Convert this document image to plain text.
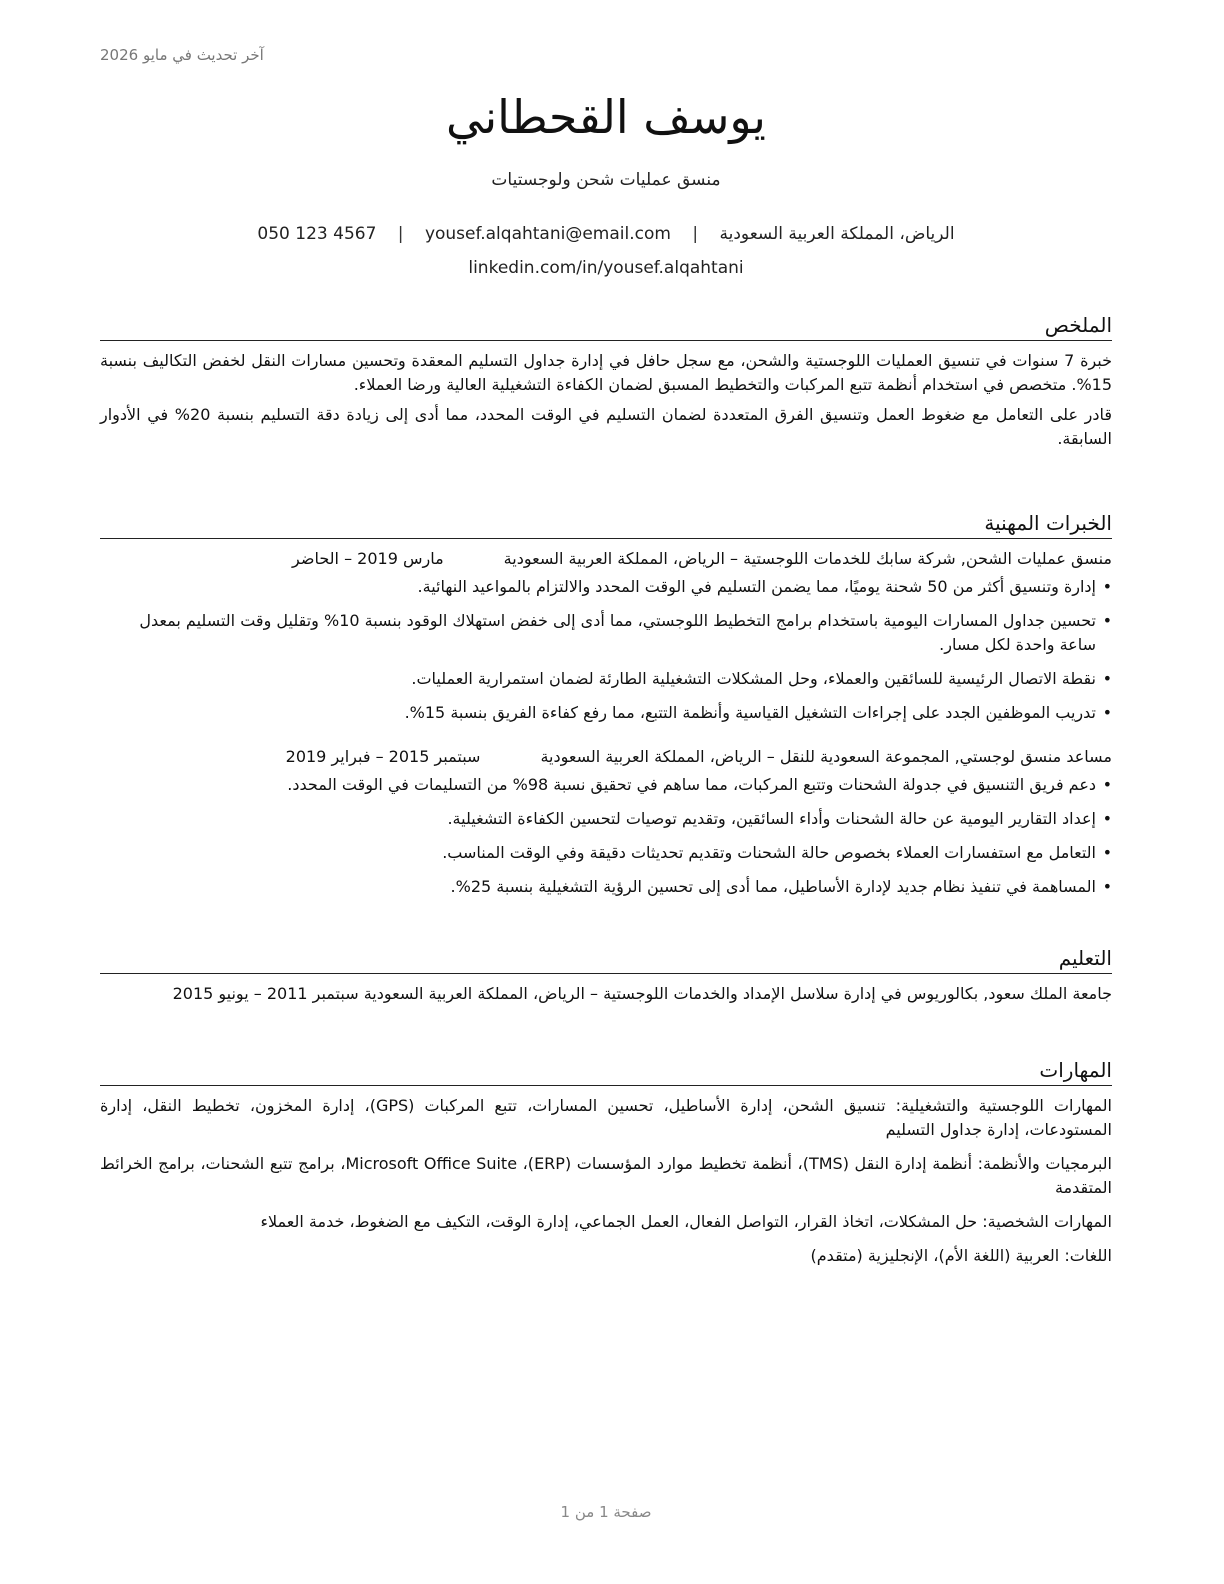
آخر تحديث في مايو 2026
يوسف القحطاني
منسق عمليات شحن ولوجستيات
الرياض، المملكة العربية السعودية | yousef.alqahtani@email.com | 050 123 4567
linkedin.com/in/yousef.alqahtani
الملخص

خبرة 7 سنوات في تنسيق العمليات اللوجستية والشحن، مع سجل حافل في إدارة جداول التسليم المعقدة وتحسين مسارات النقل لخفض التكاليف بنسبة 15%. متخصص في استخدام أنظمة تتبع المركبات والتخطيط المسبق لضمان الكفاءة التشغيلية العالية ورضا العملاء.

قادر على التعامل مع ضغوط العمل وتنسيق الفرق المتعددة لضمان التسليم في الوقت المحدد، مما أدى إلى زيادة دقة التسليم بنسبة 20% في الأدوار السابقة.

الخبرات المهنية
منسق عمليات الشحن, شركة سابك للخدمات اللوجستية – الرياض، المملكة العربية السعودية
مارس 2019 – الحاضر
• إدارة وتنسيق أكثر من 50 شحنة يوميًا، مما يضمن التسليم في الوقت المحدد والالتزام بالمواعيد النهائية.
• تحسين جداول المسارات اليومية باستخدام برامج التخطيط اللوجستي، مما أدى إلى خفض استهلاك الوقود بنسبة 10% وتقليل وقت التسليم بمعدل ساعة واحدة لكل مسار.
• نقطة الاتصال الرئيسية للسائقين والعملاء، وحل المشكلات التشغيلية الطارئة لضمان استمرارية العمليات.
• تدريب الموظفين الجدد على إجراءات التشغيل القياسية وأنظمة التتبع، مما رفع كفاءة الفريق بنسبة 15%.
مساعد منسق لوجستي, المجموعة السعودية للنقل – الرياض، المملكة العربية السعودية
سبتمبر 2015 – فبراير 2019
• دعم فريق التنسيق في جدولة الشحنات وتتبع المركبات، مما ساهم في تحقيق نسبة 98% من التسليمات في الوقت المحدد.
• إعداد التقارير اليومية عن حالة الشحنات وأداء السائقين، وتقديم توصيات لتحسين الكفاءة التشغيلية.
• التعامل مع استفسارات العملاء بخصوص حالة الشحنات وتقديم تحديثات دقيقة وفي الوقت المناسب.
• المساهمة في تنفيذ نظام جديد لإدارة الأساطيل، مما أدى إلى تحسين الرؤية التشغيلية بنسبة 25%.
التعليم
جامعة الملك سعود, بكالوريوس في إدارة سلاسل الإمداد والخدمات اللوجستية – الرياض، المملكة العربية السعودية سبتمبر 2011 – يونيو 2015
المهارات
المهارات اللوجستية والتشغيلية: تنسيق الشحن، إدارة الأساطيل، تحسين المسارات، تتبع المركبات (GPS)، إدارة المخزون، تخطيط النقل، إدارة المستودعات، إدارة جداول التسليم
البرمجيات والأنظمة: أنظمة إدارة النقل (TMS)، أنظمة تخطيط موارد المؤسسات (ERP)، Microsoft Office Suite، برامج تتبع الشحنات، برامج الخرائط المتقدمة
المهارات الشخصية: حل المشكلات، اتخاذ القرار، التواصل الفعال، العمل الجماعي، إدارة الوقت، التكيف مع الضغوط، خدمة العملاء
اللغات: العربية (اللغة الأم)، الإنجليزية (متقدم)
صفحة 1 من 1
